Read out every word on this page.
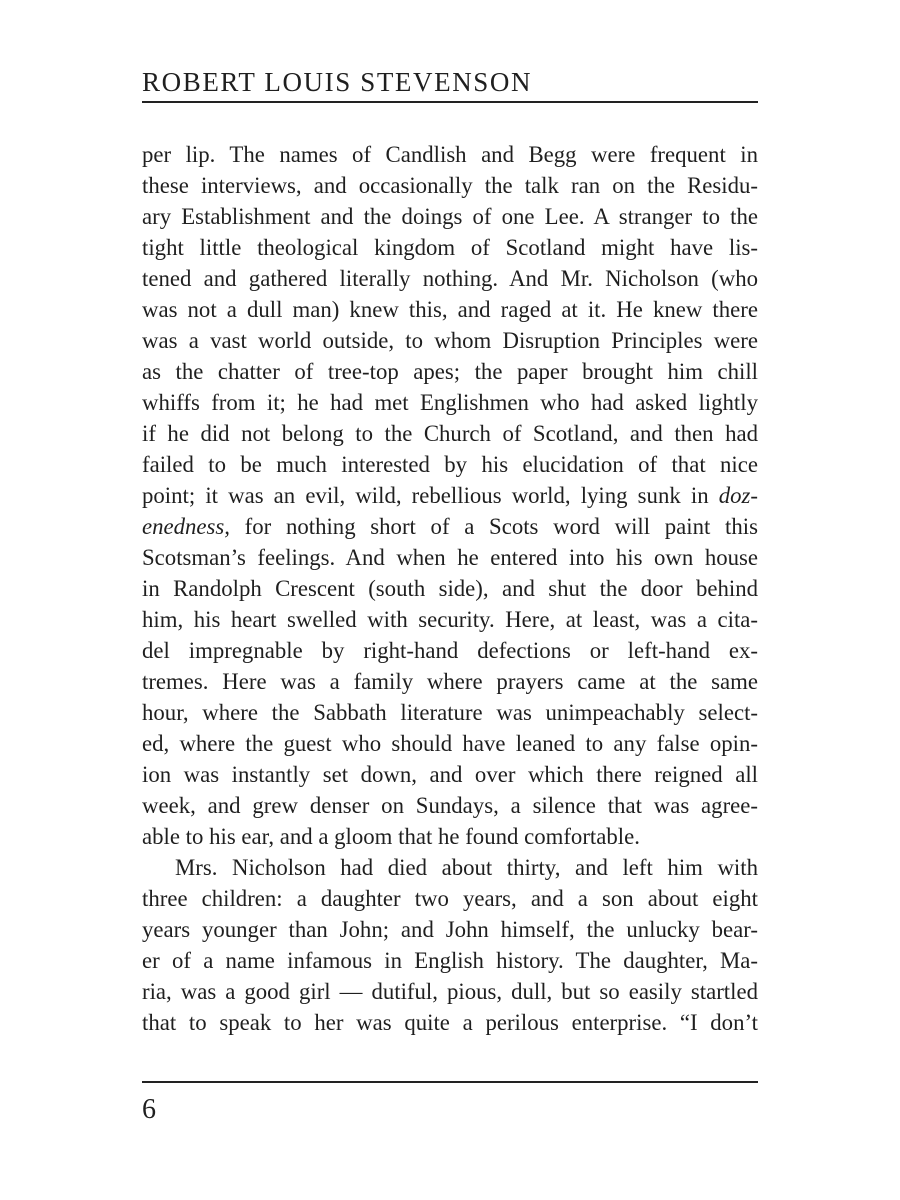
ROBERT LOUIS STEVENSON
per lip. The names of Candlish and Begg were frequent in
these interviews, and occasionally the talk ran on the Residu-
ary Establishment and the doings of one Lee. A stranger to the
tight little theological kingdom of Scotland might have lis-
tened and gathered literally nothing. And Mr. Nicholson (who
was not a dull man) knew this, and raged at it. He knew there
was a vast world outside, to whom Disruption Principles were
as the chatter of tree-top apes; the paper brought him chill
whiffs from it; he had met Englishmen who had asked lightly
if he did not belong to the Church of Scotland, and then had
failed to be much interested by his elucidation of that nice
point; it was an evil, wild, rebellious world, lying sunk in doz-
enedness, for nothing short of a Scots word will paint this
Scotsman’s feelings. And when he entered into his own house
in Randolph Crescent (south side), and shut the door behind
him, his heart swelled with security. Here, at least, was a cita-
del impregnable by right-hand defections or left-hand ex-
tremes. Here was a family where prayers came at the same
hour, where the Sabbath literature was unimpeachably select-
ed, where the guest who should have leaned to any false opin-
ion was instantly set down, and over which there reigned all
week, and grew denser on Sundays, a silence that was agree-
able to his ear, and a gloom that he found comfortable.
Mrs. Nicholson had died about thirty, and left him with
three children: a daughter two years, and a son about eight
years younger than John; and John himself, the unlucky bear-
er of a name infamous in English history. The daughter, Ma-
ria, was a good girl — dutiful, pious, dull, but so easily startled
that to speak to her was quite a perilous enterprise. “I don’t
6
